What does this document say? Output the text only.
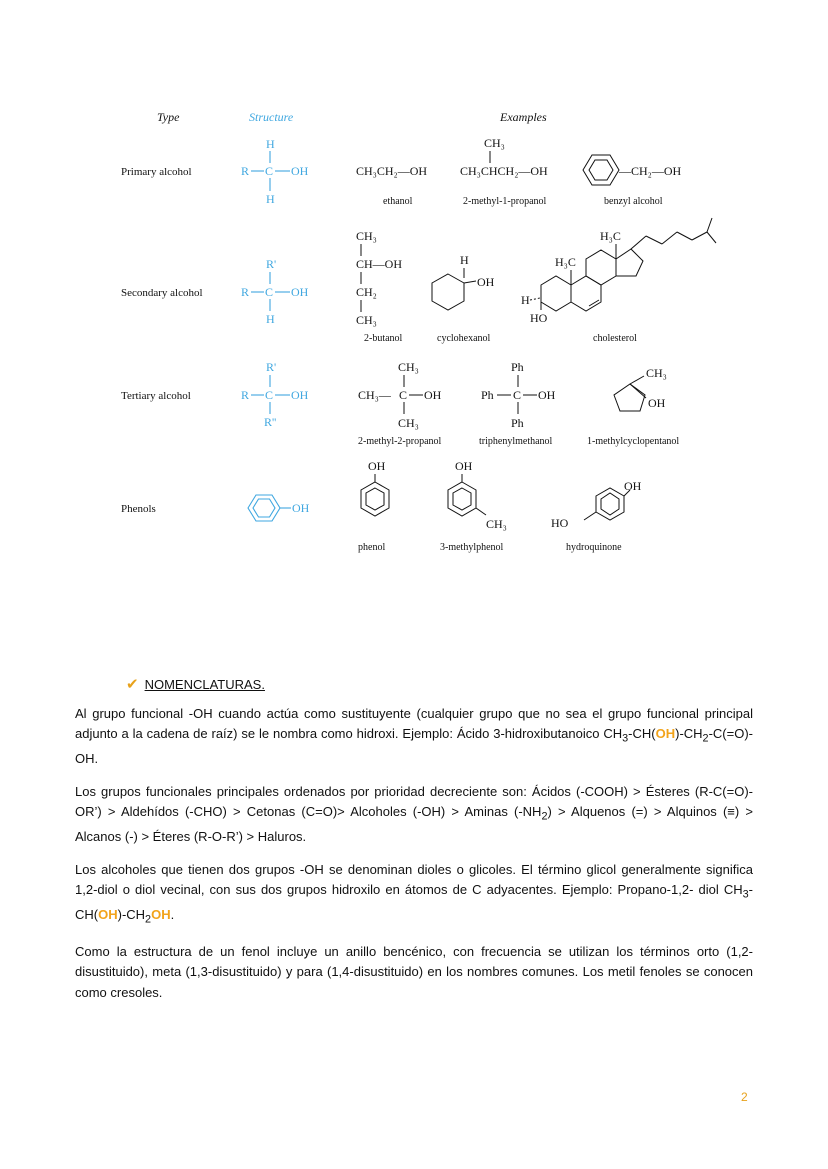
Type	Structure	Examples
Primary alcohol
Secondary alcohol
Tertiary alcohol
Phenols
H
R C OH
H
R'
R C OH
H
R'
R C OH
R''
OH
CH₃CH₂—OH
ethanol
CH₃
CH₃CHCH₂—OH
2-methyl-1-propanol
—CH₂—OH
benzyl alcohol
CH₃
CH—OH
CH₂
CH₃
2-butanol
H
OH
cyclohexanol
H₃C
H₃C
HO
H
cholesterol
CH₃
CH₃— C OH
CH₃
2-methyl-2-propanol
Ph
Ph C OH
Ph
triphenylmethanol
CH₃
OH
1-methylcyclopentanol
OH
phenol
OH
CH₃
3-methylphenol
OH
HO
hydroquinone
✔ NOMENCLATURAS.

Al grupo funcional -OH cuando actúa como sustituyente (cualquier grupo que no sea el grupo funcional principal adjunto a la cadena de raíz) se le nombra como hidroxi. Ejemplo: Ácido 3-hidroxibutanoico $CH_3-CH(OH)-CH_2-C(=O)-OH$.

Los grupos funcionales principales ordenados por prioridad decreciente son: Ácidos (-COOH) > Ésteres (R-C(=O)-OR’) > Aldehídos (-CHO) > Cetonas (C=O)> Alcoholes (-OH) > Aminas $(-NH_2)$ > Alquenos (=) > Alquinos (≡) > Alcanos (-) > Éteres (R-O-R’) > Haluros.

Los alcoholes que tienen dos grupos -OH se denominan dioles o glicoles. El término glicol generalmente significa 1,2-diol o diol vecinal, con sus dos grupos hidroxilo en átomos de C adyacentes. Ejemplo: Propano-1,2- diol $CH_3-CH(OH)-CH_2OH$.

Como la estructura de un fenol incluye un anillo bencénico, con frecuencia se utilizan los términos orto (1,2-disustituido), meta (1,3-disustituido) y para (1,4-disustituido) en los nombres comunes. Los metil fenoles se conocen como cresoles.

2
